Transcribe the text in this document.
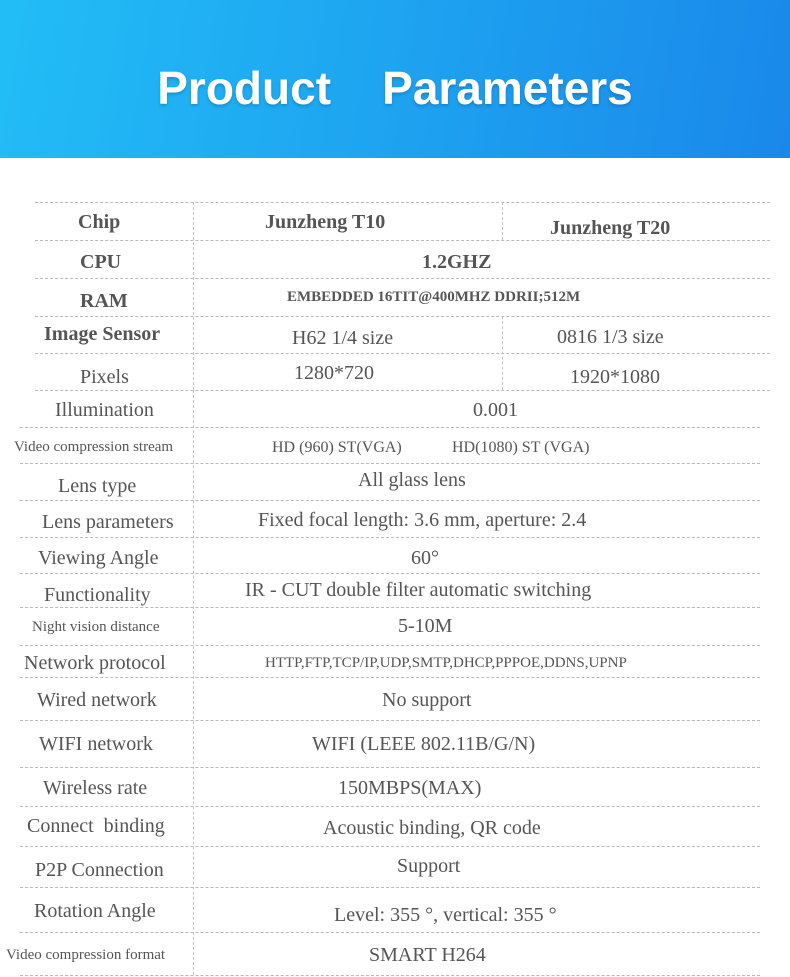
Product    Parameters
Chip	Junzheng T10	Junzheng T20
CPU	1.2GHZ
RAM	EMBEDDED 16TIT@400MHZ DDRII;512M
Image Sensor	H62 1/4 size	0816 1/3 size
Pixels	1280*720	1920*1080
Illumination	0.001
Video compression stream	HD (960) ST(VGA)	HD(1080) ST (VGA)
Lens type	All glass lens
Lens parameters	Fixed focal length: 3.6 mm, aperture: 2.4
Viewing Angle	60°
Functionality	IR - CUT double filter automatic switching
Night vision distance	5-10M
Network protocol	HTTP,FTP,TCP/IP,UDP,SMTP,DHCP,PPPOE,DDNS,UPNP
Wired network	No support
WIFI network	WIFI (LEEE 802.11B/G/N)
Wireless rate	150MBPS(MAX)
Connect  binding	Acoustic binding, QR code
P2P Connection	Support
Rotation Angle	Level: 355 °, vertical: 355 °
Video compression format	SMART H264
